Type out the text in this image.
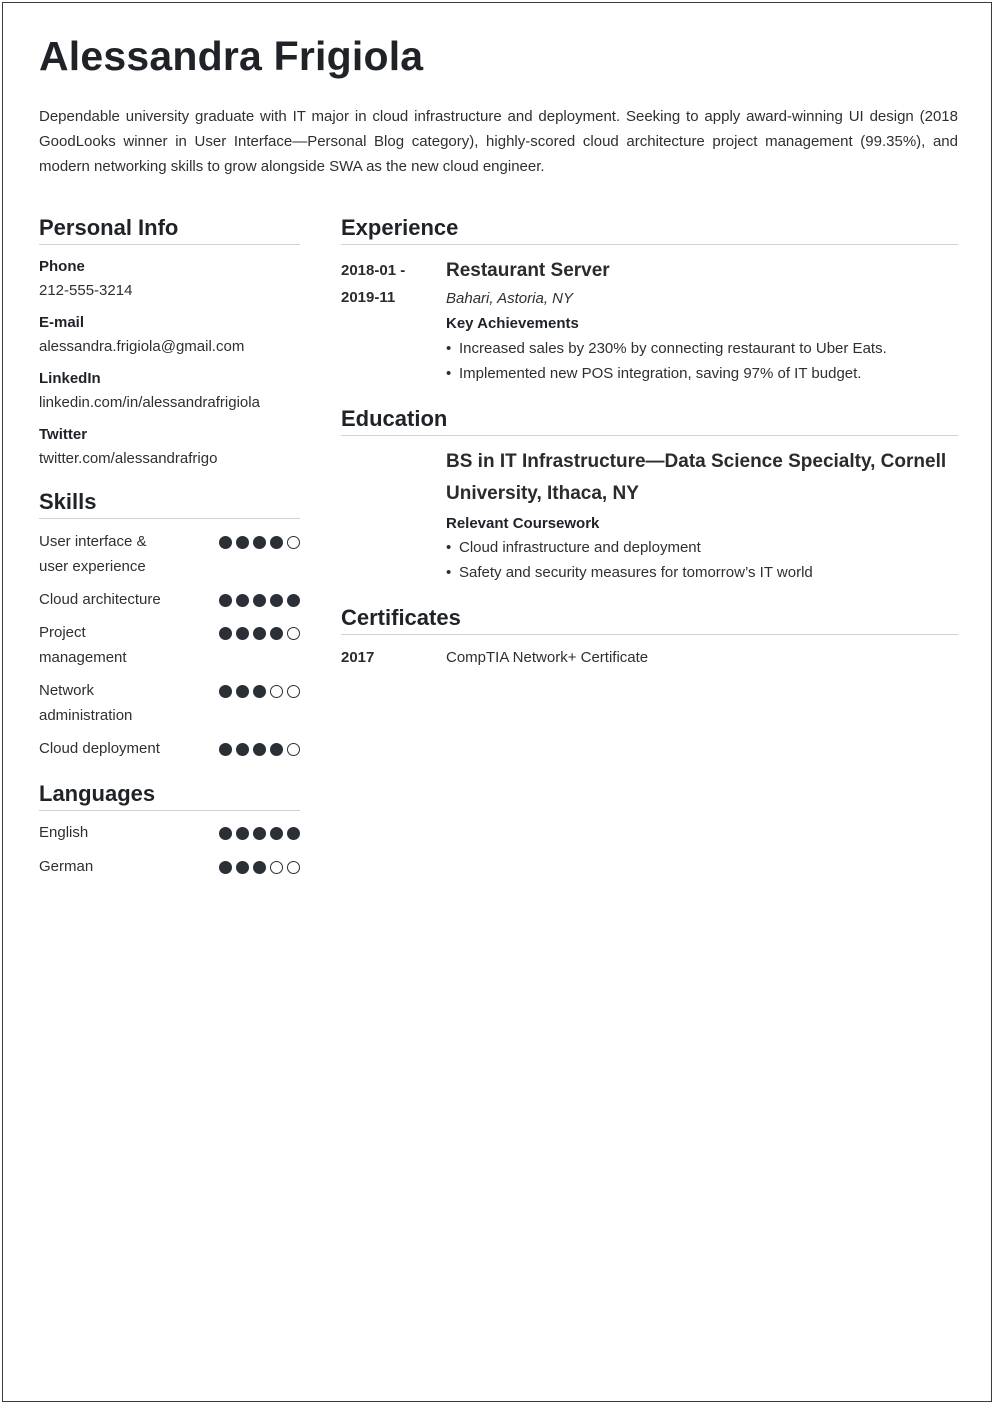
Alessandra Frigiola

Dependable university graduate with IT major in cloud infrastructure and deployment. Seeking to apply award-winning UI design (2018 GoodLooks winner in User Interface—Personal Blog category), highly-scored cloud architecture project management (99.35%), and modern networking skills to grow alongside SWA as the new cloud engineer.

Personal Info
Phone
212-555-3214
E-mail
alessandra.frigiola@gmail.com
LinkedIn
linkedin.com/in/alessandrafrigiola
Twitter
twitter.com/alessandrafrigo
Skills
User interface & user experience
Cloud architecture
Project management
Network administration
Cloud deployment
Languages
English
German
Experience
2018-01 -
2019-11
Restaurant Server
Bahari, Astoria, NY
Key Achievements
• Increased sales by 230% by connecting restaurant to Uber Eats.
• Implemented new POS integration, saving 97% of IT budget.
Education
BS in IT Infrastructure—Data Science Specialty, Cornell
University, Ithaca, NY
Relevant Coursework
• Cloud infrastructure and deployment
• Safety and security measures for tomorrow’s IT world
Certificates
2017	CompTIA Network+ Certificate
